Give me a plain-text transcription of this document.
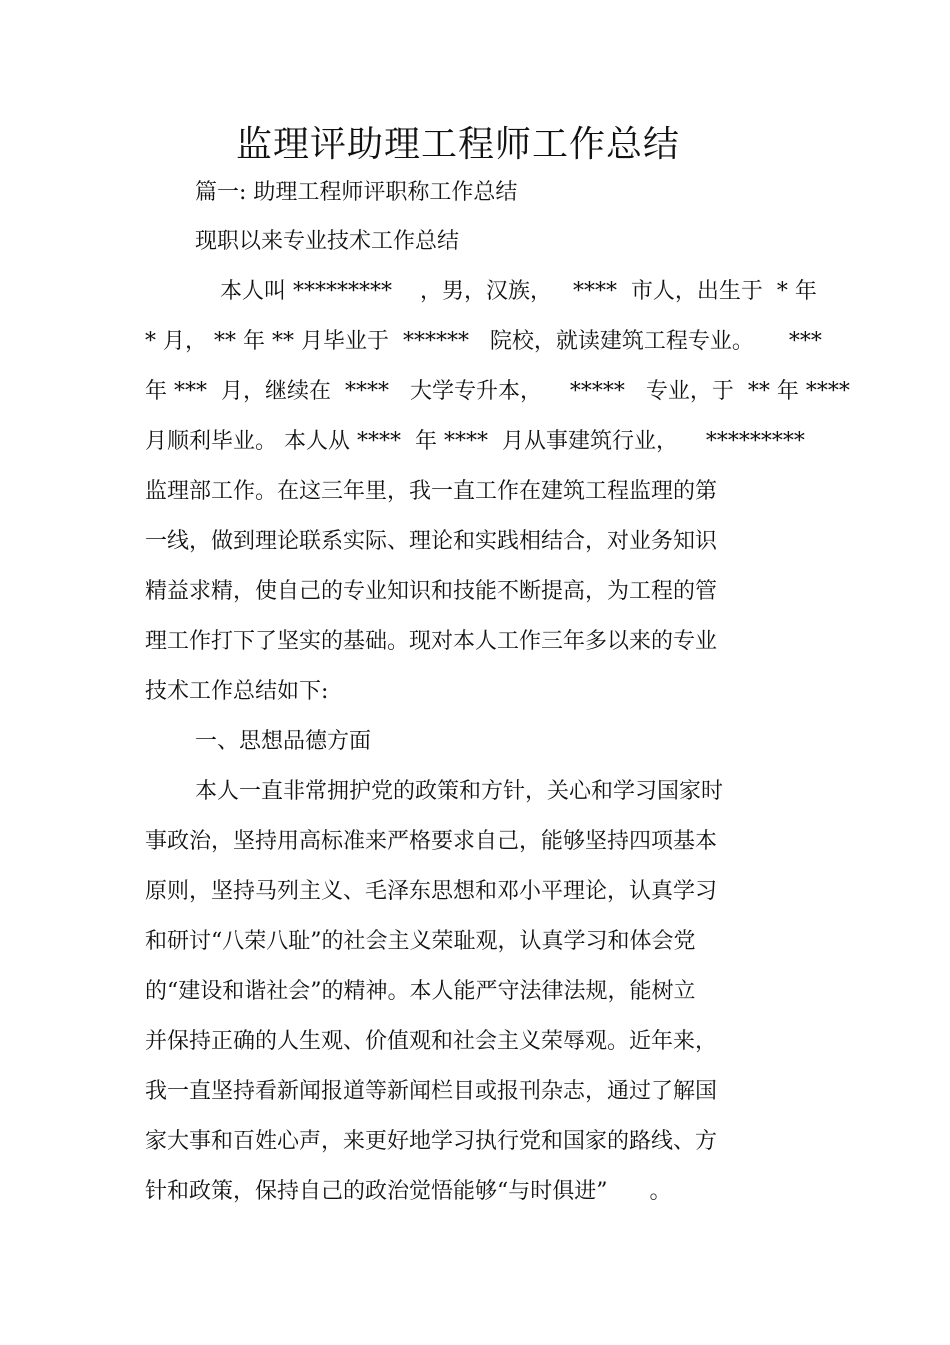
监理评助理工程师工作总结
篇一: 助理工程师评职称工作总结
现职以来专业技术工作总结
本人叫 *********    ，男，汉族，   ****  市人，出生于  * 年
* 月， ** 年 ** 月毕业于  ******   院校，就读建筑工程专业。     ***
年 ***  月，继续在  ****   大学专升本，    *****   专业，于  ** 年 ****
月顺利毕业。 本人从 ****  年 ****  月从事建筑行业，    *********
监理部工作。在这三年里，我一直工作在建筑工程监理的第
一线，做到理论联系实际、理论和实践相结合，对业务知识
精益求精，使自己的专业知识和技能不断提高，为工程的管
理工作打下了坚实的基础。现对本人工作三年多以来的专业
技术工作总结如下:
一、思想品德方面
本人一直非常拥护党的政策和方针，关心和学习国家时
事政治，坚持用高标准来严格要求自己，能够坚持四项基本
原则，坚持马列主义、毛泽东思想和邓小平理论，认真学习
和研讨“八荣八耻”的社会主义荣耻观，认真学习和体会党
的“建设和谐社会”的精神。本人能严守法律法规，能树立
并保持正确的人生观、价值观和社会主义荣辱观。近年来，
我一直坚持看新闻报道等新闻栏目或报刊杂志，通过了解国
家大事和百姓心声，来更好地学习执行党和国家的路线、方
针和政策，保持自己的政治觉悟能够“与时俱进”      。
